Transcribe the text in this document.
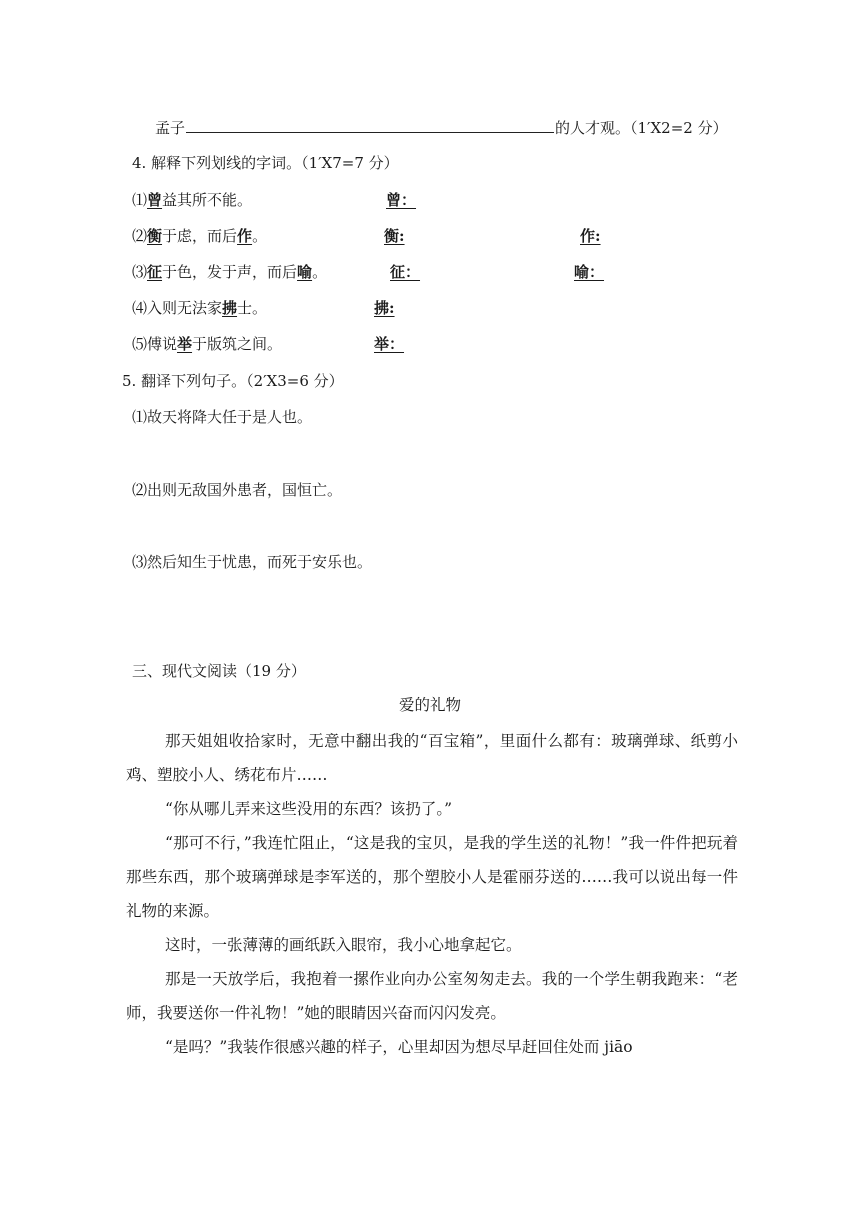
孟子	的人才观。（1′X2=2 分）
4. 解释下列划线的字词。（1′X7=7 分）
⑴曾益其所不能。	曾：
⑵衡于虑，而后作。	衡:	作:
⑶征于色，发于声，而后喻。	征：	喻：
⑷入则无法家拂士。	拂:
⑸傅说举于版筑之间。	举：
5. 翻译下列句子。（2′X3=6 分）
⑴故天将降大任于是人也。
⑵出则无敌国外患者，国恒亡。
⑶然后知生于忧患，而死于安乐也。
三、现代文阅读（19 分）
爱的礼物
那天姐姐收拾家时，无意中翻出我的“百宝箱”，里面什么都有：玻璃弹球、纸剪小鸡、塑胶小人、绣花布片……
“你从哪儿弄来这些没用的东西？该扔了。”
“那可不行，”我连忙阻止，“这是我的宝贝，是我的学生送的礼物！”我一件件把玩着那些东西，那个玻璃弹球是李军送的，那个塑胶小人是霍丽芬送的……我可以说出每一件礼物的来源。
这时，一张薄薄的画纸跃入眼帘，我小心地拿起它。
那是一天放学后，我抱着一摞作业向办公室匆匆走去。我的一个学生朝我跑来：“老师，我要送你一件礼物！”她的眼睛因兴奋而闪闪发亮。
“是吗？”我装作很感兴趣的样子，心里却因为想尽早赶回住处而 jiāo
